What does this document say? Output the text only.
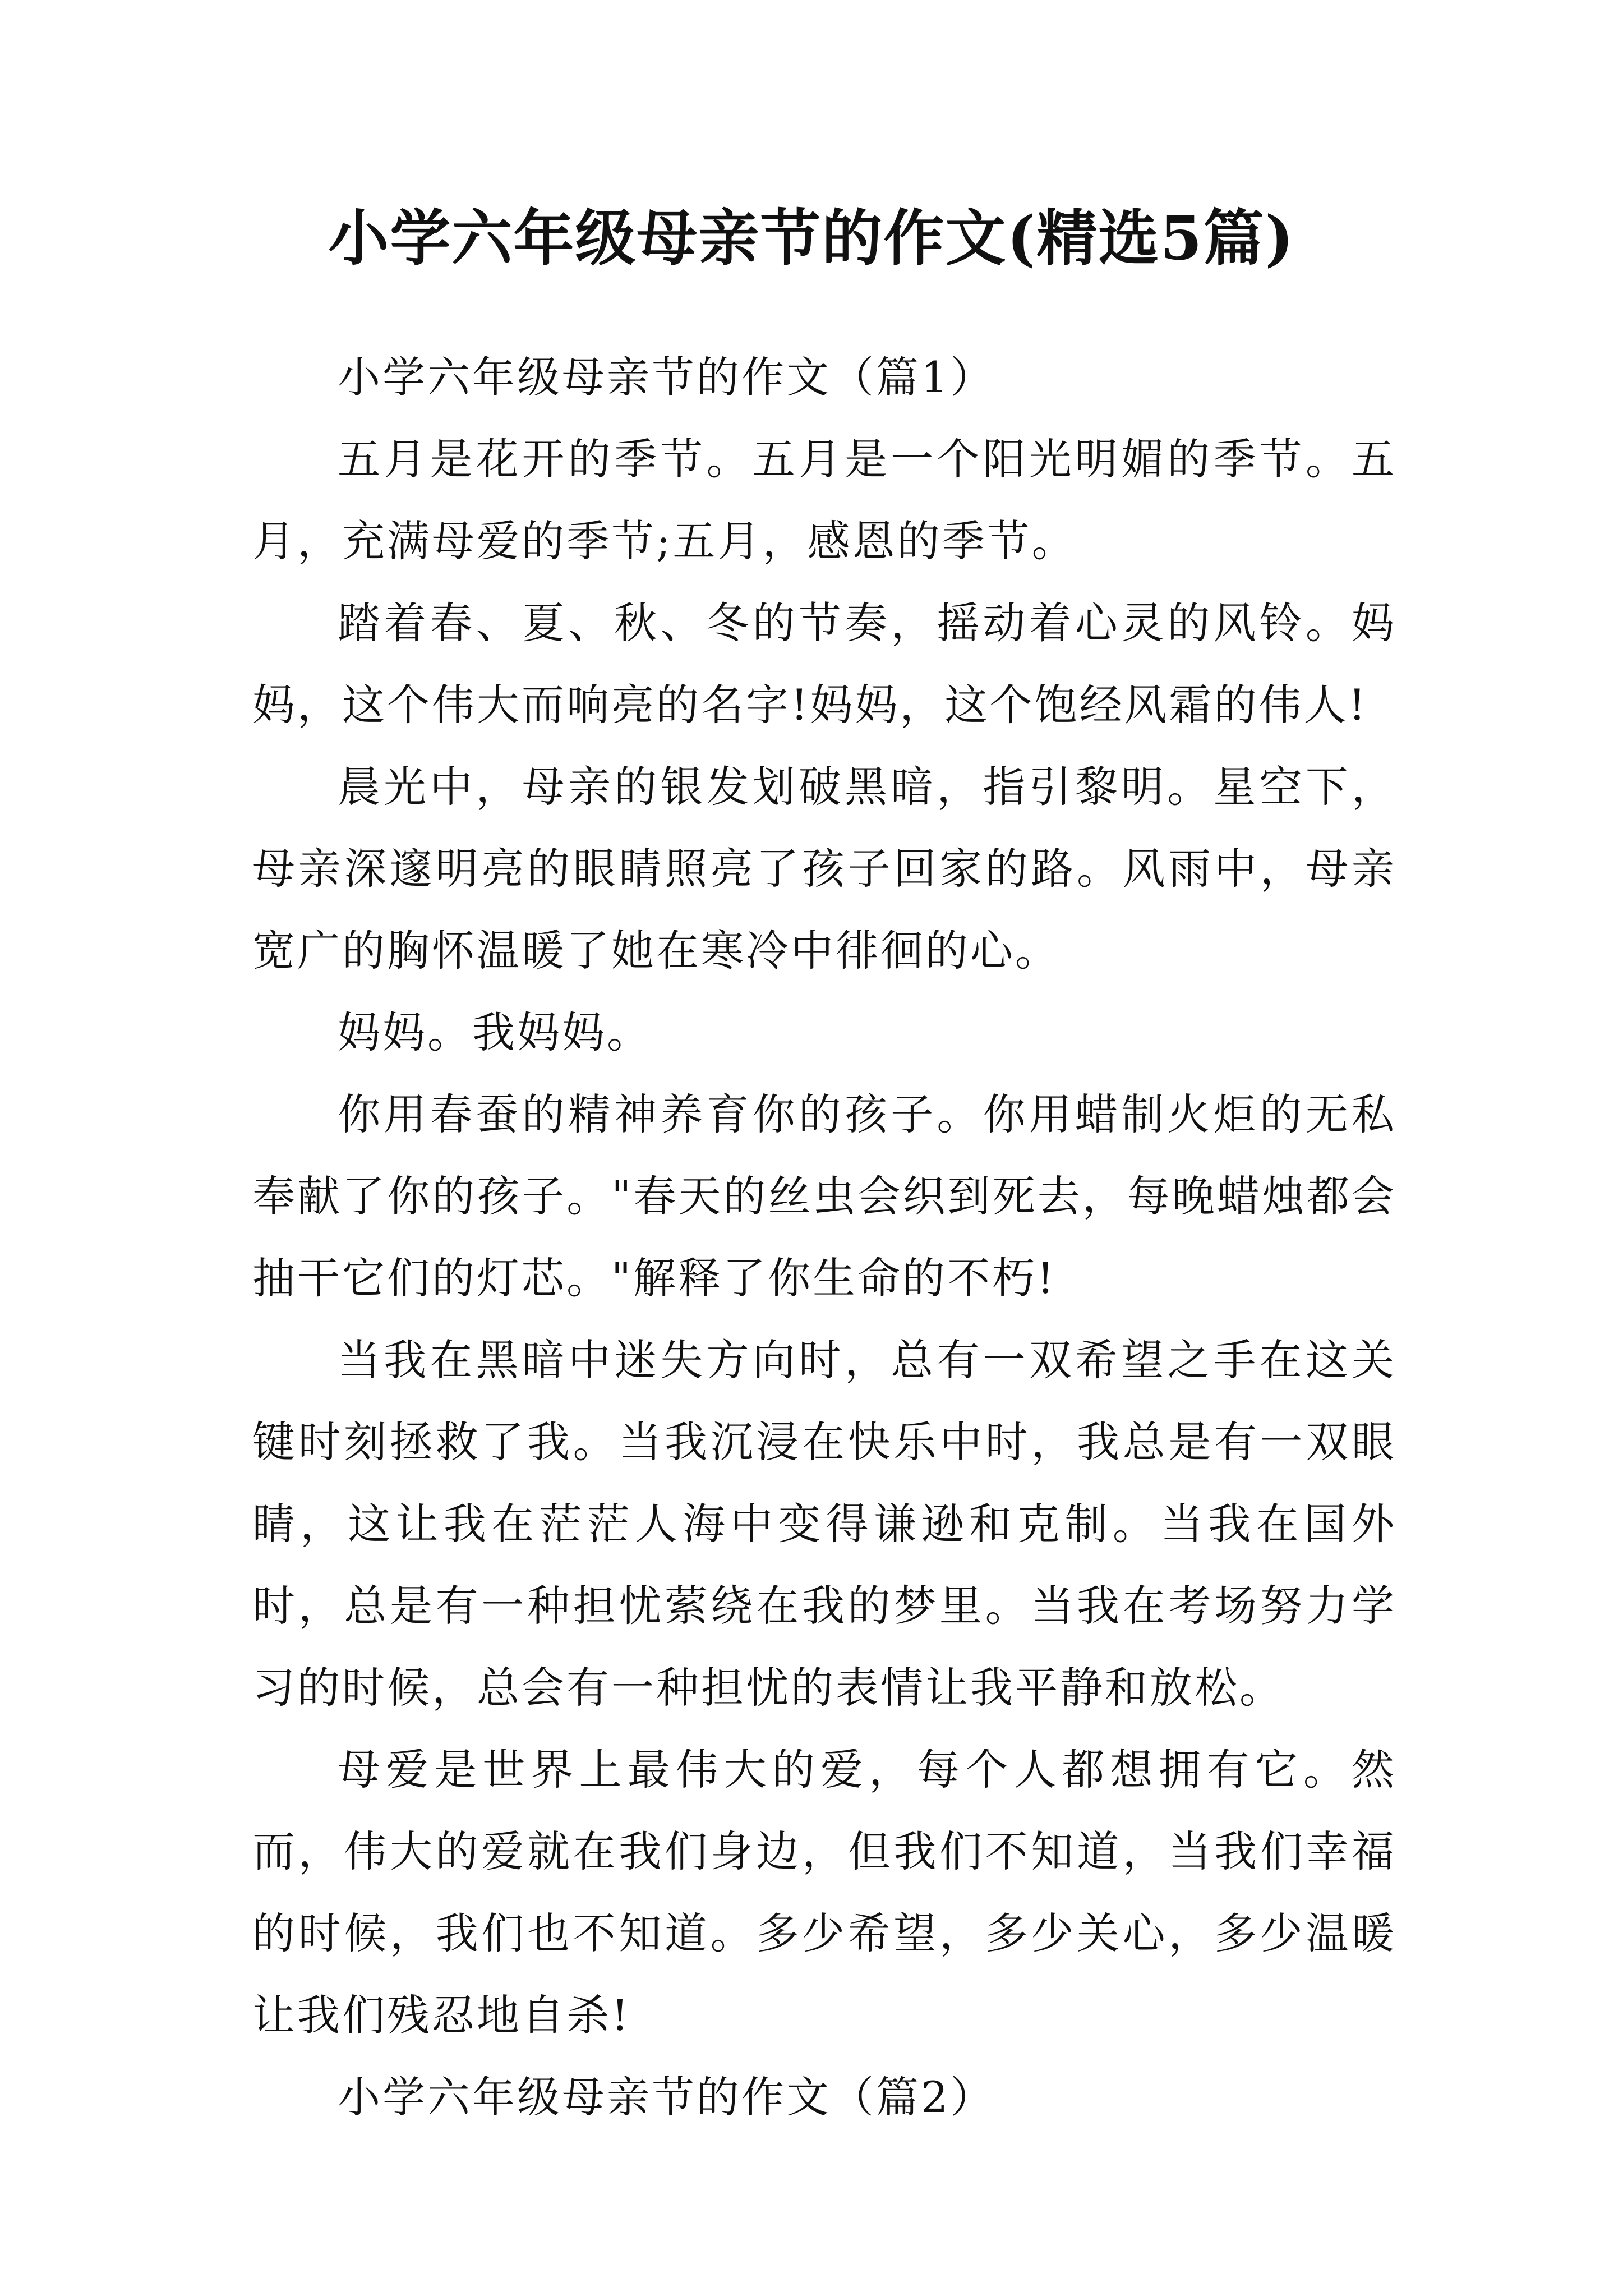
小学六年级母亲节的作文(精选5篇)

小学六年级母亲节的作文（篇1）

五月是花开的季节。五月是一个阳光明媚的季节。五月，充满母爱的季节;五月，感恩的季节。

踏着春、夏、秋、冬的节奏，摇动着心灵的风铃。妈妈，这个伟大而响亮的名字!妈妈，这个饱经风霜的伟人!

晨光中，母亲的银发划破黑暗，指引黎明。星空下，母亲深邃明亮的眼睛照亮了孩子回家的路。风雨中，母亲宽广的胸怀温暖了她在寒冷中徘徊的心。

妈妈。我妈妈。

你用春蚕的精神养育你的孩子。你用蜡制火炬的无私奉献了你的孩子。"春天的丝虫会织到死去，每晚蜡烛都会抽干它们的灯芯。"解释了你生命的不朽!

当我在黑暗中迷失方向时，总有一双希望之手在这关键时刻拯救了我。当我沉浸在快乐中时，我总是有一双眼睛，这让我在茫茫人海中变得谦逊和克制。当我在国外时，总是有一种担忧萦绕在我的梦里。当我在考场努力学习的时候，总会有一种担忧的表情让我平静和放松。

母爱是世界上最伟大的爱，每个人都想拥有它。然而，伟大的爱就在我们身边，但我们不知道，当我们幸福的时候，我们也不知道。多少希望，多少关心，多少温暖让我们残忍地自杀!

小学六年级母亲节的作文（篇2）
